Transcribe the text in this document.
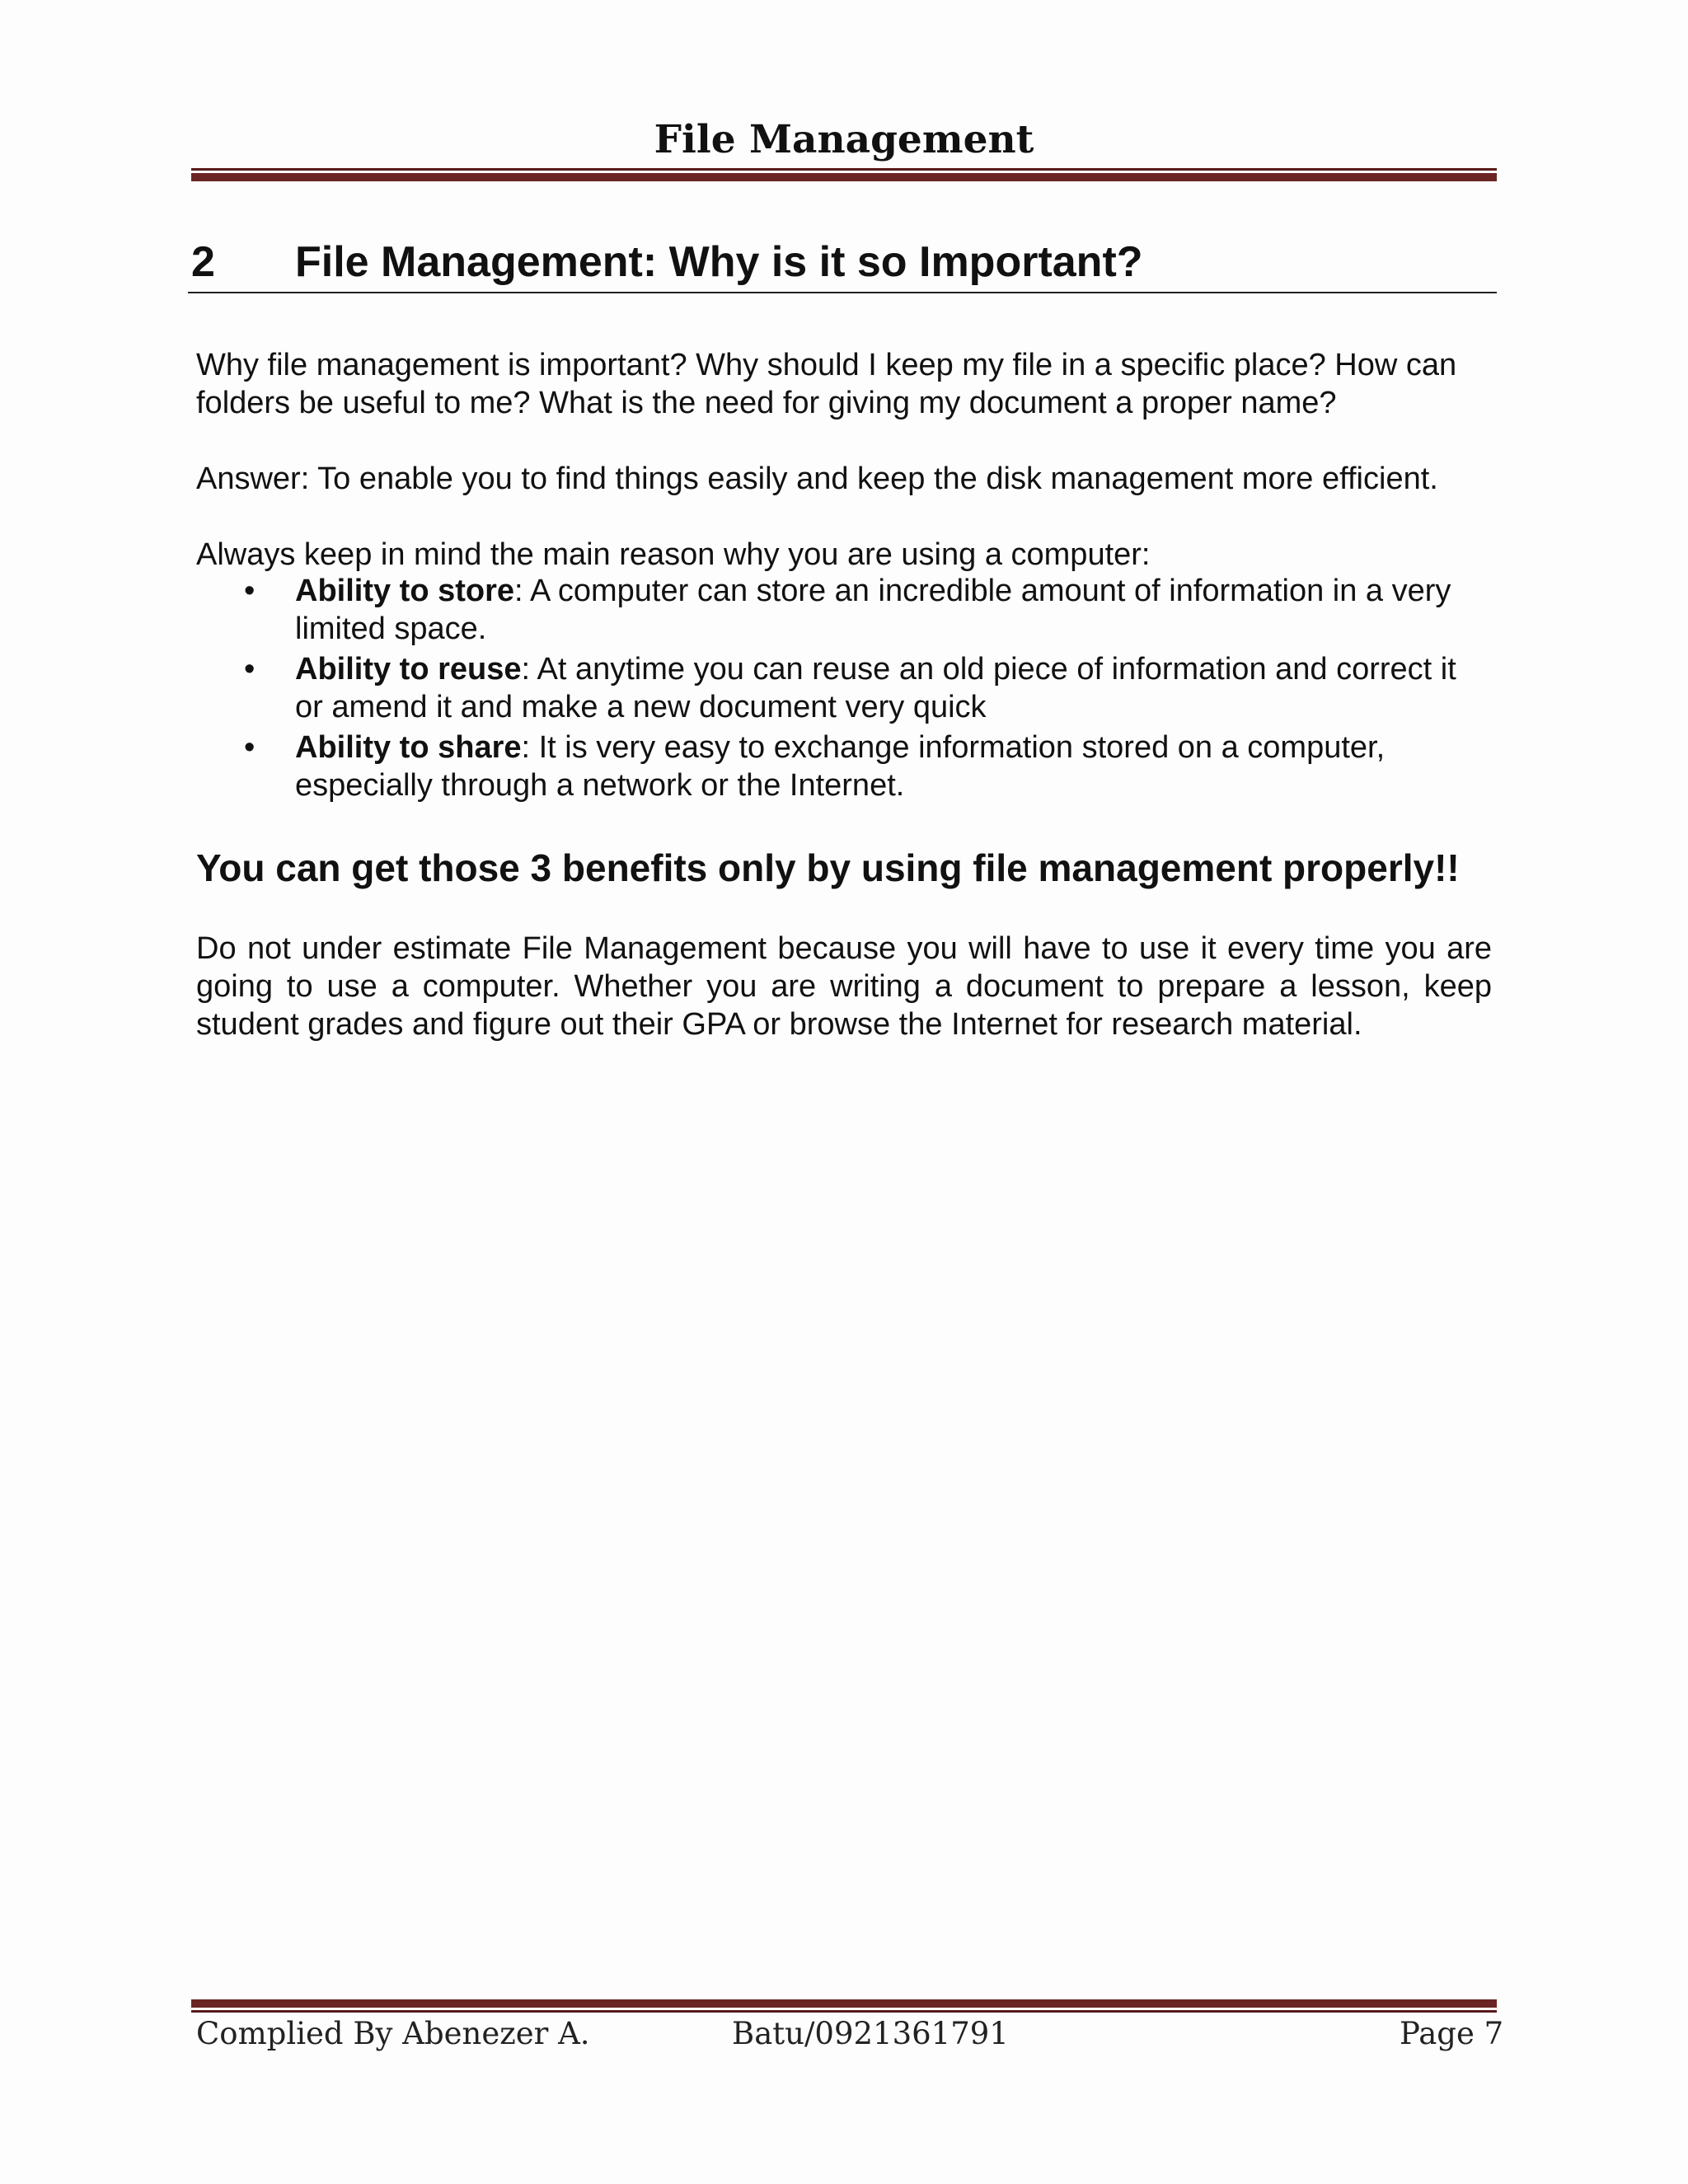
File Management
2 File Management: Why is it so Important?
Why file management is important? Why should I keep my file in a specific place? How can folders be useful to me? What is the need for giving my document a proper name?
Answer: To enable you to find things easily and keep the disk management more efficient.
Always keep in mind the main reason why you are using a computer:
• Ability to store: A computer can store an incredible amount of information in a very limited space.
• Ability to reuse: At anytime you can reuse an old piece of information and correct it or amend it and make a new document very quick
• Ability to share: It is very easy to exchange information stored on a computer, especially through a network or the Internet.
You can get those 3 benefits only by using file management properly!!
Do not under estimate File Management because you will have to use it every time you are going to use a computer. Whether you are writing a document to prepare a lesson, keep student grades and figure out their GPA or browse the Internet for research material.
Complied By Abenezer A.	Batu/0921361791	Page 7
